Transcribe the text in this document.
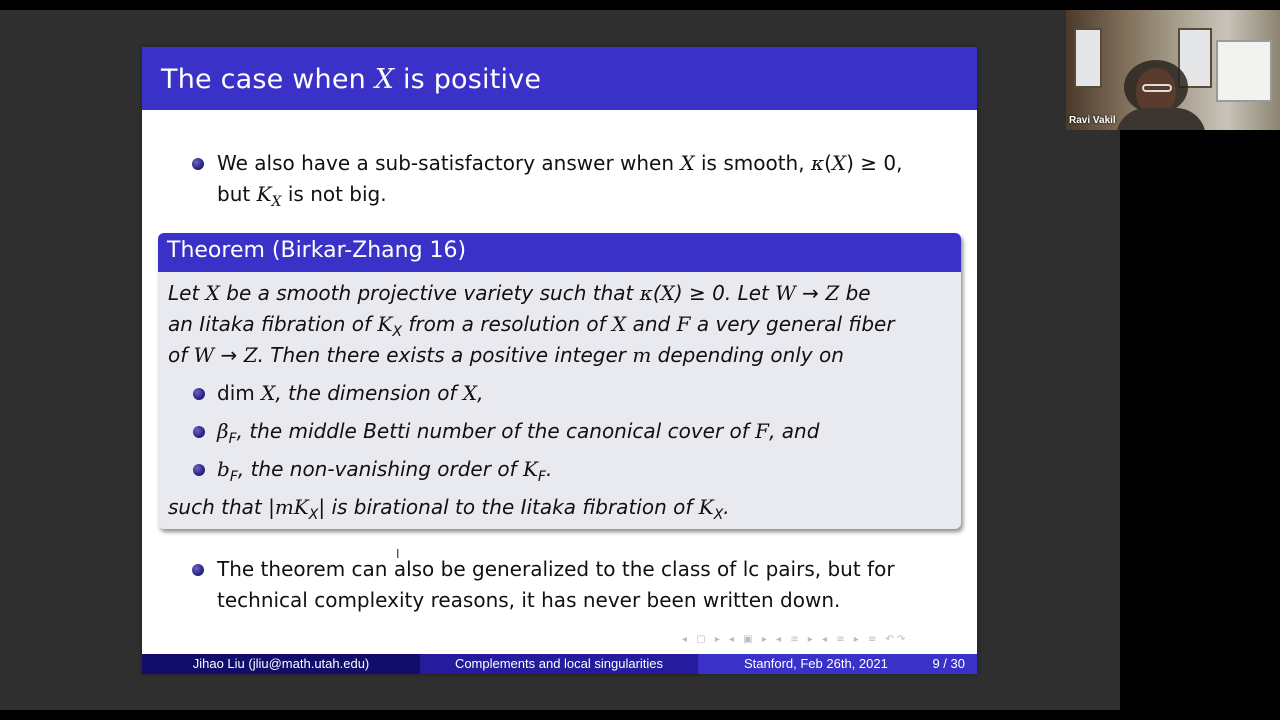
Ravi Vakil
The case when X is positive
We also have a sub-satisfactory answer when X is smooth, κ(X) ≥ 0,
but $K_X$ is not big.
Theorem (Birkar-Zhang 16)
Let X be a smooth projective variety such that κ(X) ≥ 0. Let W → Z be
an Iitaka fibration of $K_X$ from a resolution of X and F a very general fiber
of W → Z. Then there exists a positive integer m depending only on
dim X, the dimension of X,
$\beta_F$, the middle Betti number of the canonical cover of F, and
$b_F$, the non-vanishing order of $K_F$.
such that $|mK_X|$ is birational to the Iitaka fibration of $K_X$.
I
The theorem can also be generalized to the class of lc pairs, but for
technical complexity reasons, it has never been written down.
◂ ▢ ▸ ◂ ▣ ▸ ◂ ≡ ▸ ◂ ≡ ▸ ≡ ↶↷
Jihao Liu (jliu@math.utah.edu)	Complements and local singularities	Stanford, Feb 26th, 2021	9 / 30
